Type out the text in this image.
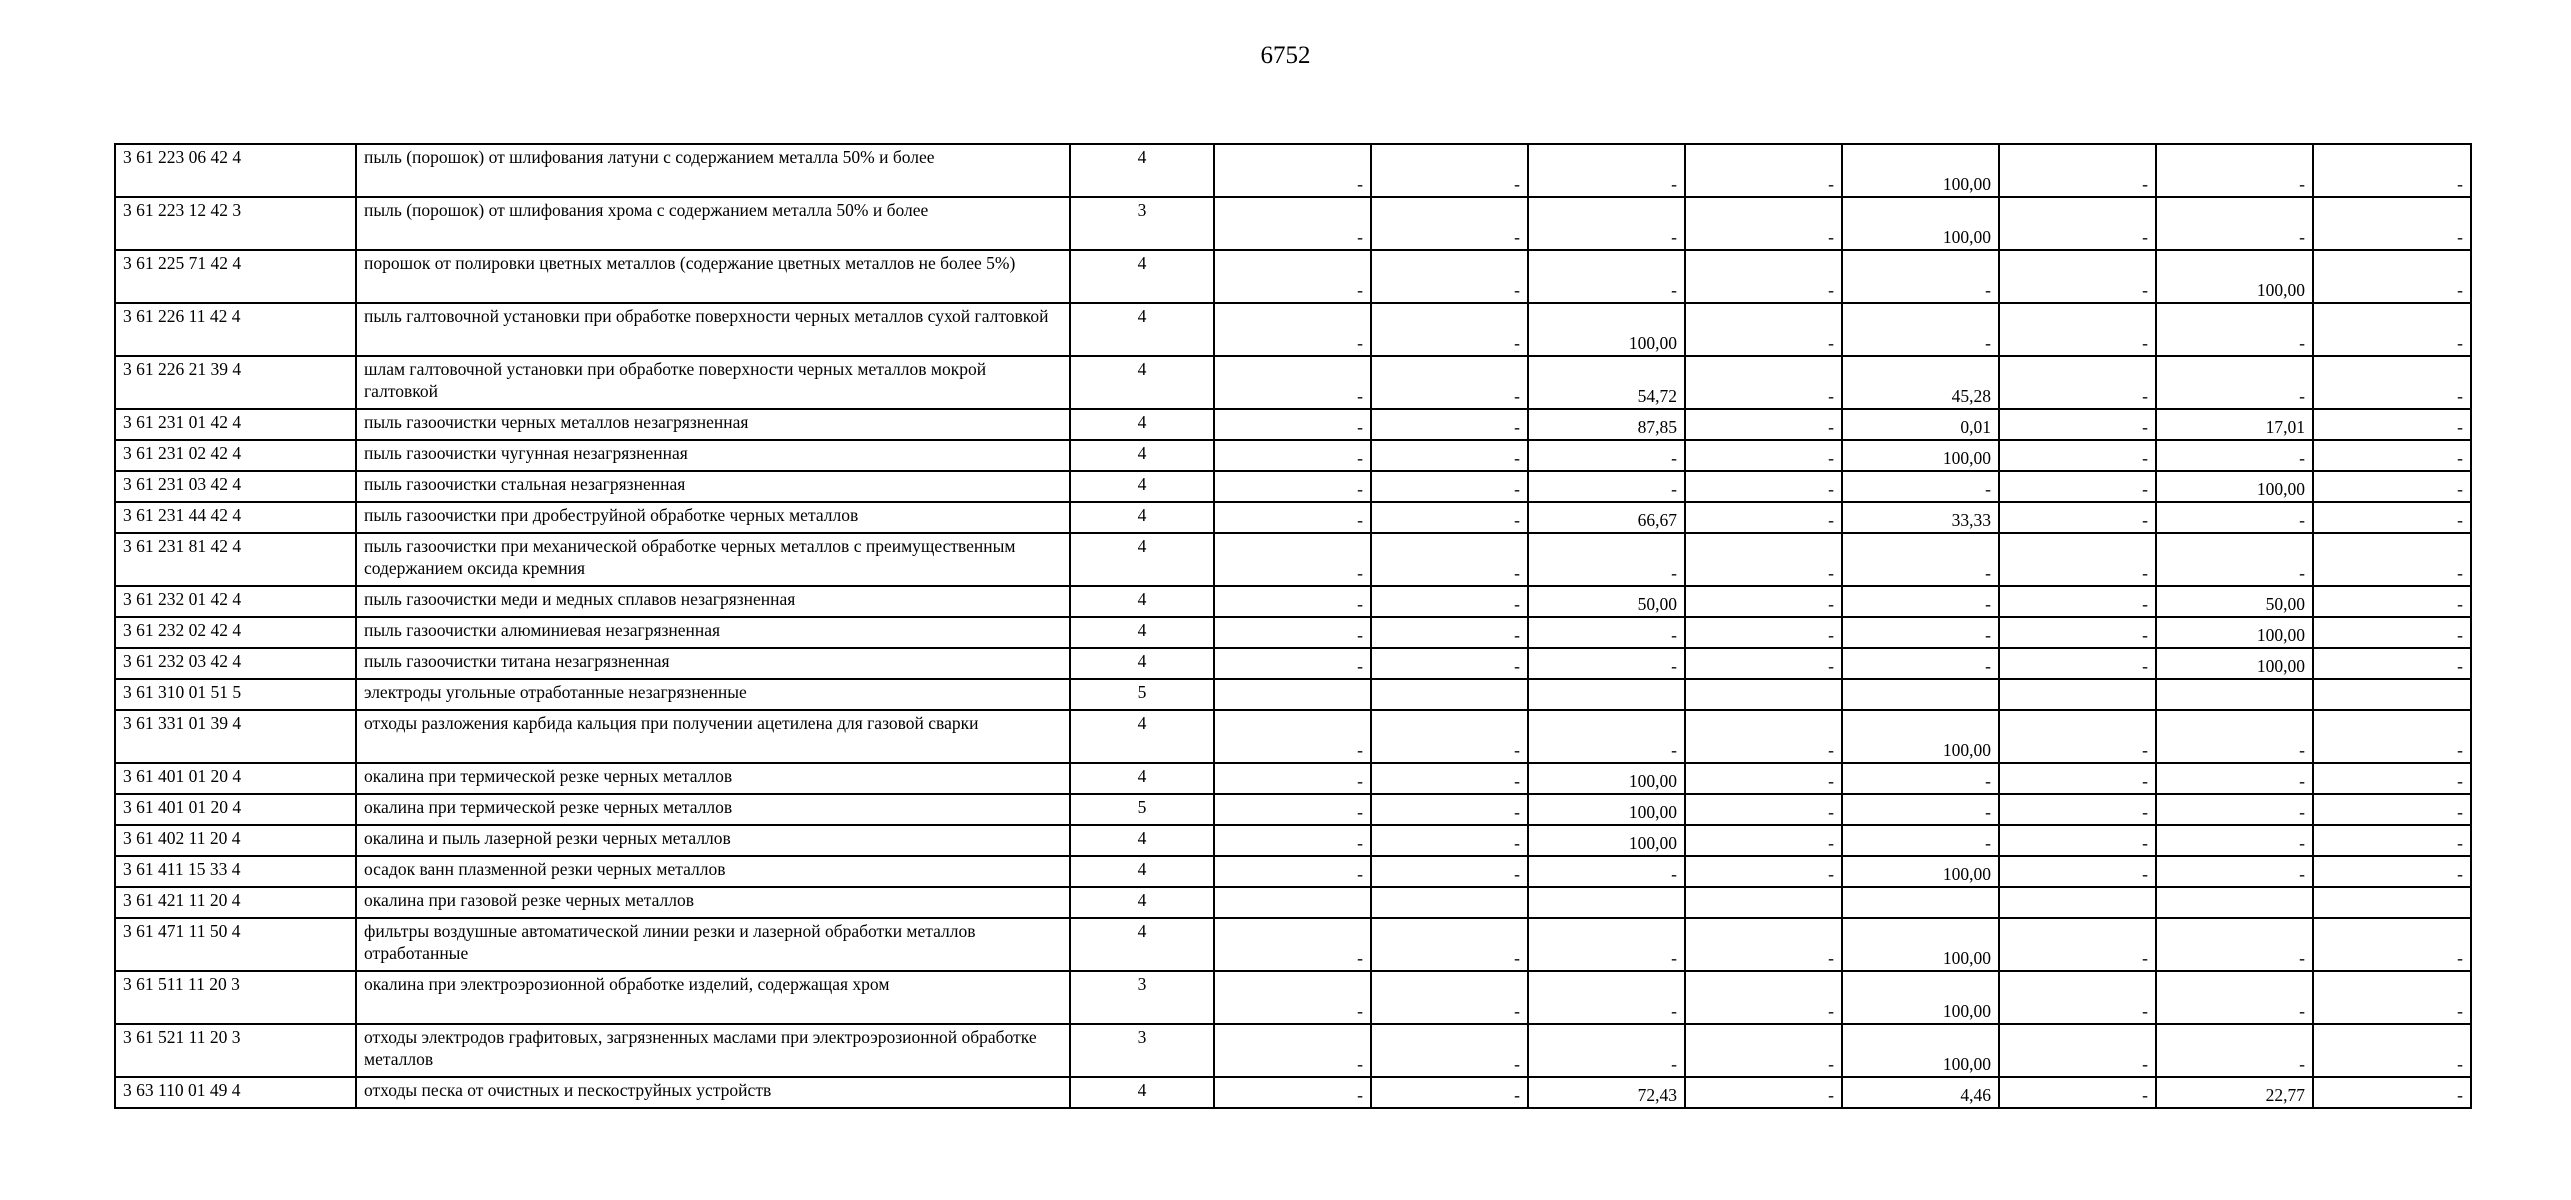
6752
3 61 223 06 42 4	пыль (порошок) от шлифования латуни с содержанием металла 50% и более	4	-	-	-	-	100,00	-	-	-
3 61 223 12 42 3	пыль (порошок) от шлифования хрома с содержанием металла 50% и более	3	-	-	-	-	100,00	-	-	-
3 61 225 71 42 4	порошок от полировки цветных металлов (содержание цветных металлов не более 5%)	4	-	-	-	-	-	-	100,00	-
3 61 226 11 42 4	пыль галтовочной установки при обработке поверхности черных металлов сухой галтовкой	4	-	-	100,00	-	-	-	-	-
3 61 226 21 39 4	шлам галтовочной установки при обработке поверхности черных металлов мокрой галтовкой	4	-	-	54,72	-	45,28	-	-	-
3 61 231 01 42 4	пыль газоочистки черных металлов незагрязненная	4	-	-	87,85	-	0,01	-	17,01	-
3 61 231 02 42 4	пыль газоочистки чугунная незагрязненная	4	-	-	-	-	100,00	-	-	-
3 61 231 03 42 4	пыль газоочистки стальная незагрязненная	4	-	-	-	-	-	-	100,00	-
3 61 231 44 42 4	пыль газоочистки при дробеструйной обработке черных металлов	4	-	-	66,67	-	33,33	-	-	-
3 61 231 81 42 4	пыль газоочистки при механической обработке черных металлов с преимущественным содержанием оксида кремния	4	-	-	-	-	-	-	-	-
3 61 232 01 42 4	пыль газоочистки меди и медных сплавов незагрязненная	4	-	-	50,00	-	-	-	50,00	-
3 61 232 02 42 4	пыль газоочистки алюминиевая незагрязненная	4	-	-	-	-	-	-	100,00	-
3 61 232 03 42 4	пыль газоочистки титана незагрязненная	4	-	-	-	-	-	-	100,00	-
3 61 310 01 51 5	электроды угольные отработанные незагрязненные	5								
3 61 331 01 39 4	отходы разложения карбида кальция при получении ацетилена для газовой сварки	4	-	-	-	-	100,00	-	-	-
3 61 401 01 20 4	окалина при термической резке черных металлов	4	-	-	100,00	-	-	-	-	-
3 61 401 01 20 4	окалина при термической резке черных металлов	5	-	-	100,00	-	-	-	-	-
3 61 402 11 20 4	окалина и пыль лазерной резки черных металлов	4	-	-	100,00	-	-	-	-	-
3 61 411 15 33 4	осадок ванн плазменной резки черных металлов	4	-	-	-	-	100,00	-	-	-
3 61 421 11 20 4	окалина при газовой резке черных металлов	4								
3 61 471 11 50 4	фильтры воздушные автоматической линии резки и лазерной обработки металлов отработанные	4	-	-	-	-	100,00	-	-	-
3 61 511 11 20 3	окалина при электроэрозионной обработке изделий, содержащая хром	3	-	-	-	-	100,00	-	-	-
3 61 521 11 20 3	отходы электродов графитовых, загрязненных маслами при электроэрозионной обработке металлов	3	-	-	-	-	100,00	-	-	-
3 63 110 01 49 4	отходы песка от очистных и пескоструйных устройств	4	-	-	72,43	-	4,46	-	22,77	-
